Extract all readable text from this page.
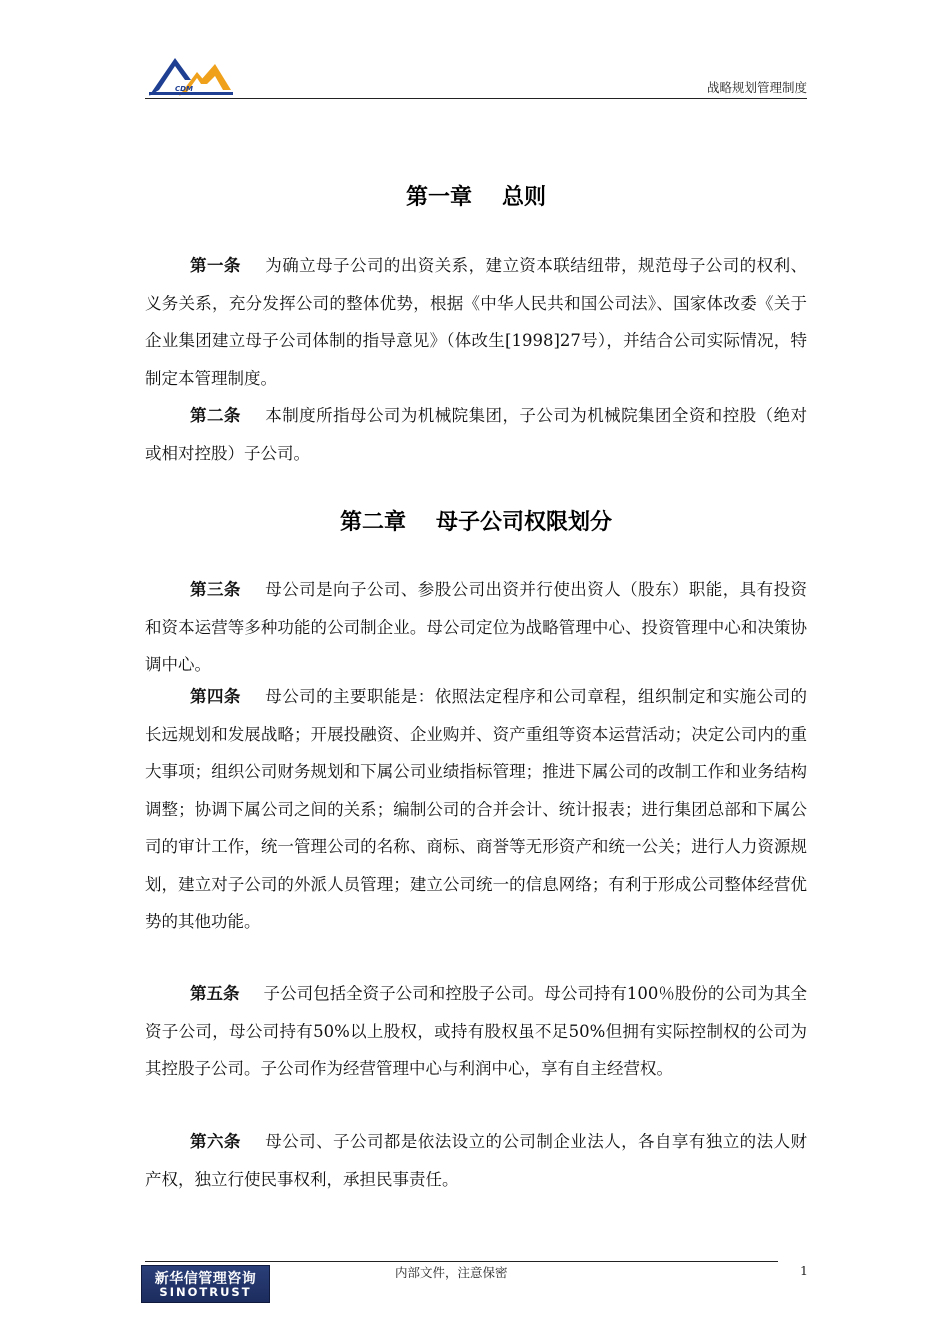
CDM	战略规划管理制度
第一章 总则

第一条 为确立母子公司的出资关系，建立资本联结纽带，规范母子公司的权利、义务关系，充分发挥公司的整体优势，根据《中华人民共和国公司法》、国家体改委《关于企业集团建立母子公司体制的指导意见》（体改生[1998]27号），并结合公司实际情况，特制定本管理制度。

第二条 本制度所指母公司为机械院集团，子公司为机械院集团全资和控股（绝对或相对控股）子公司。

第二章 母子公司权限划分

第三条 母公司是向子公司、参股公司出资并行使出资人（股东）职能，具有投资和资本运营等多种功能的公司制企业。母公司定位为战略管理中心、投资管理中心和决策协调中心。

第四条 母公司的主要职能是：依照法定程序和公司章程，组织制定和实施公司的长远规划和发展战略；开展投融资、企业购并、资产重组等资本运营活动；决定公司内的重大事项；组织公司财务规划和下属公司业绩指标管理；推进下属公司的改制工作和业务结构调整；协调下属公司之间的关系；编制公司的合并会计、统计报表；进行集团总部和下属公司的审计工作，统一管理公司的名称、商标、商誉等无形资产和统一公关；进行人力资源规划，建立对子公司的外派人员管理；建立公司统一的信息网络；有利于形成公司整体经营优势的其他功能。

第五条 子公司包括全资子公司和控股子公司。母公司持有100％股份的公司为其全资子公司，母公司持有50%以上股权，或持有股权虽不足50%但拥有实际控制权的公司为其控股子公司。子公司作为经营管理中心与利润中心，享有自主经营权。

第六条 母公司、子公司都是依法设立的公司制企业法人，各自享有独立的法人财产权，独立行使民事权利，承担民事责任。

新华信管理咨询
SINOTRUST
内部文件，注意保密	1
